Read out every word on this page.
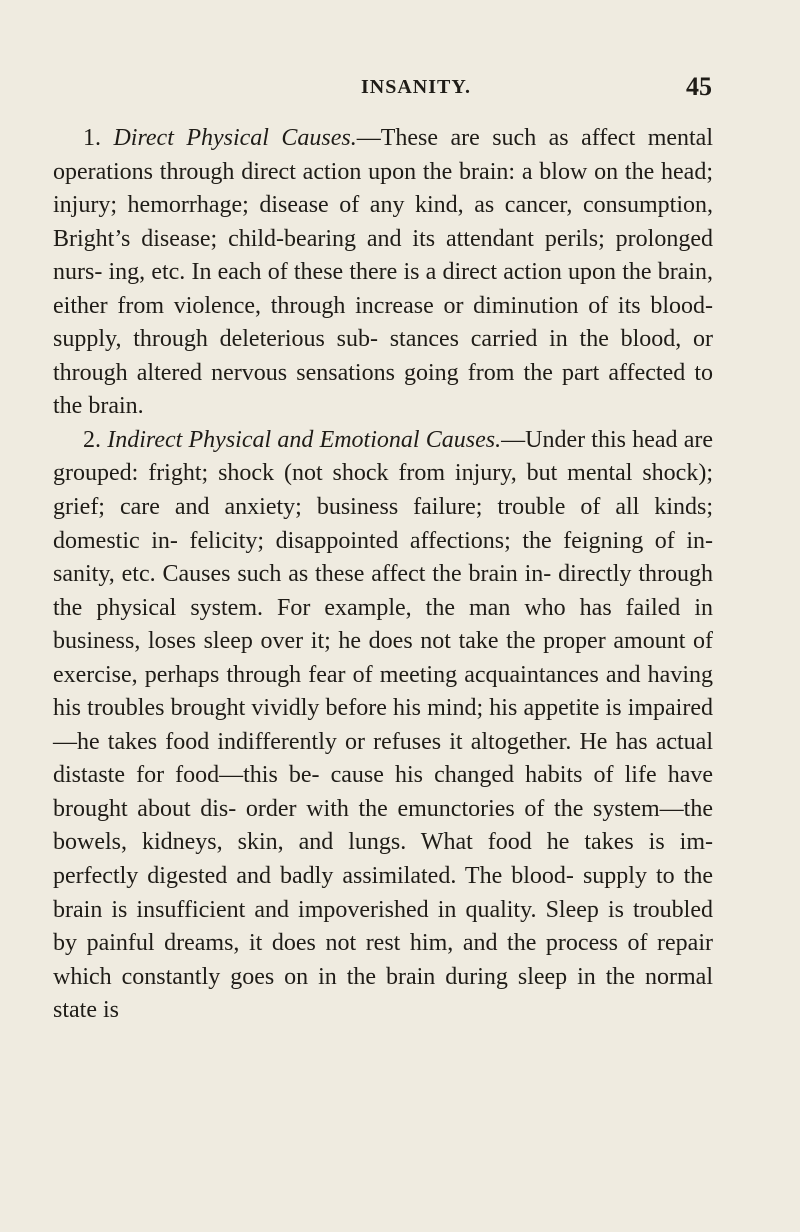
INSANITY.	45

1. Direct Physical Causes.—These are such as affect mental operations through direct action upon the brain: a blow on the head; injury; hemorrhage; disease of any kind, as cancer, consumption, Bright’s disease; child-bearing and its attendant perils; prolonged nurs- ing, etc. In each of these there is a direct action upon the brain, either from violence, through increase or diminution of its blood-supply, through deleterious sub- stances carried in the blood, or through altered nervous sensations going from the part affected to the brain.

2. Indirect Physical and Emotional Causes.—Under this head are grouped: fright; shock (not shock from injury, but mental shock); grief; care and anxiety; business failure; trouble of all kinds; domestic in- felicity; disappointed affections; the feigning of in- sanity, etc. Causes such as these affect the brain in- directly through the physical system. For example, the man who has failed in business, loses sleep over it; he does not take the proper amount of exercise, perhaps through fear of meeting acquaintances and having his troubles brought vividly before his mind; his appetite is impaired—he takes food indifferently or refuses it altogether. He has actual distaste for food—this be- cause his changed habits of life have brought about dis- order with the emunctories of the system—the bowels, kidneys, skin, and lungs. What food he takes is im- perfectly digested and badly assimilated. The blood- supply to the brain is insufficient and impoverished in quality. Sleep is troubled by painful dreams, it does not rest him, and the process of repair which constantly goes on in the brain during sleep in the normal state is
